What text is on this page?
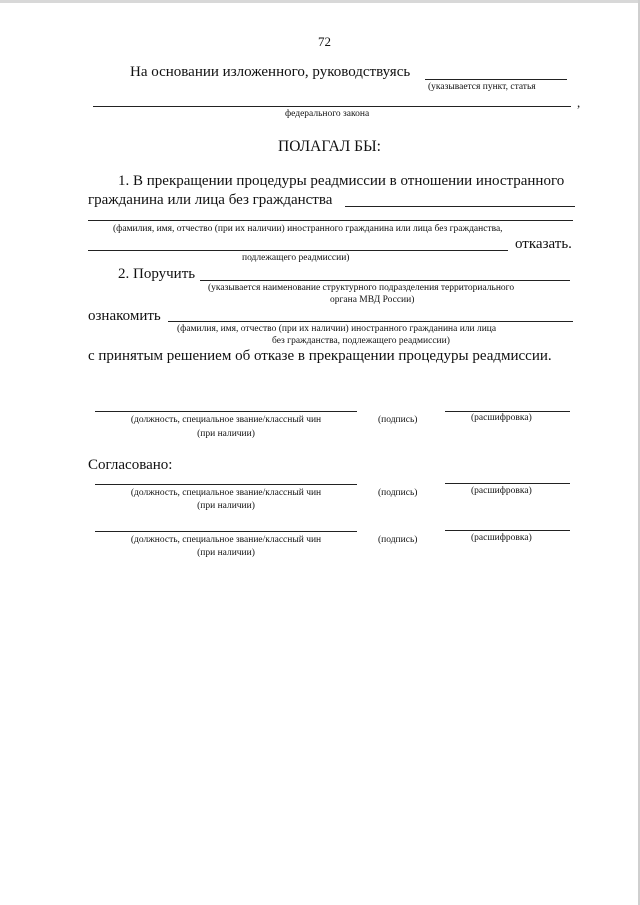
72
На основании изложенного, руководствуясь
(указывается пункт, статья
,
федерального закона
ПОЛАГАЛ БЫ:
1. В прекращении процедуры реадмиссии в отношении иностранного
гражданина или лица без гражданства
(фамилия, имя, отчество (при их наличии) иностранного гражданина или лица без гражданства,
отказать.
подлежащего реадмиссии)
2. Поручить
(указывается наименование структурного подразделения территориального
органа МВД России)
ознакомить
(фамилия, имя, отчество (при их наличии) иностранного гражданина или лица
без гражданства, подлежащего реадмиссии)
с принятым решением об отказе в прекращении процедуры реадмиссии.
(должность, специальное звание/классный чин
(при наличии)
(подпись)	(расшифровка)
Согласовано:
(должность, специальное звание/классный чин
(при наличии)
(подпись)	(расшифровка)
(должность, специальное звание/классный чин
(при наличии)
(подпись)	(расшифровка)
